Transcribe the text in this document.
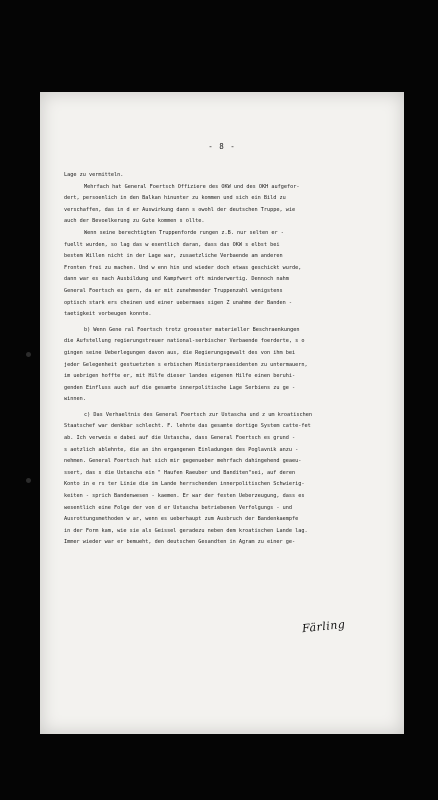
- 8 -
Lage zu vermitteln.
Mehrfach hat General Foertsch Offiziere des OKW und des OKH aufgefor-
dert, persoenlich in den Balkan hinunter zu kommen und sich ein Bild zu
verschaffen, das in d er Auswirkung dann s owohl der deutschen Truppe, wie
auch der Bevoelkerung zu Gute kommen s ollte.
Wenn seine berechtigten Truppenforde rungen z.B. nur selten er -
fuellt wurden, so lag das w esentlich daran, dass das OKW s elbst bei
bestem Willen nicht in der Lage war, zusaetzliche Verbaende am anderen
Fronten frei zu machen. Und w enn hin und wieder doch etwas geschickt wurde,
dann war es nach Ausbildung und Kampfwert oft minderwertig. Dennoch nahm
General Foertsch es gern, da er mit zunehmender Truppenzahl wenigstens
optisch stark ers cheinen und einer uebermaes sigen Z unahme der Banden -
taetigkeit vorbeugen konnte.
b) Wenn Gene ral Foertsch trotz groesster materieller Beschraenkungen
die Aufstellung regierungstreuer national-serbischer Verbaende foerderte, s o
gingen seine Ueberlegungen davon aus, die Regierungsgewalt des von ihm bei
jeder Gelegenheit gestuetzten s erbischen Ministerpraesidenten zu untermauern,
im uebrigen hoffte er, mit Hilfe dieser landes eigenen Hilfe einen beruhi-
genden Einfluss auch auf die gesamte innerpolitische Lage Serbiens zu ge -
winnen.
c) Das Verhaeltnis des General Foertsch zur Ustascha und z um kroatischen
Staatschef war denkbar schlecht. F. lehnte das gesamte dortige System catte-fet
ab. Ich verweis e dabei auf die Ustascha, dass General Foertsch es grund -
s aetzlich ablehnte, die an ihn ergangenen Einladungen des Poglavnik anzu -
nehmen. General Foertsch hat sich mir gegenueber mehrfach dahingehend geaeu-
ssert, das s die Ustascha ein " Haufen Raeuber und Banditen"sei, auf deren
Konto in e rs ter Linie die im Lande herrschenden innerpolitischen Schwierig-
keiten - sprich Bandenwesen - kaemen. Er war der festen Ueberzeugung, dass es
wesentlich eine Folge der von d er Ustascha betriebenen Verfolgungs - und
Ausrottungsmethoden w ar, wenn es ueberhaupt zum Ausbruch der Bandenkaempfe
in der Form kam, wie sie als Geissel geradezu neben dem kroatischen Lande lag.
Immer wieder war er bemueht, den deutschen Gesandten in Agram zu einer ge-
Färling
